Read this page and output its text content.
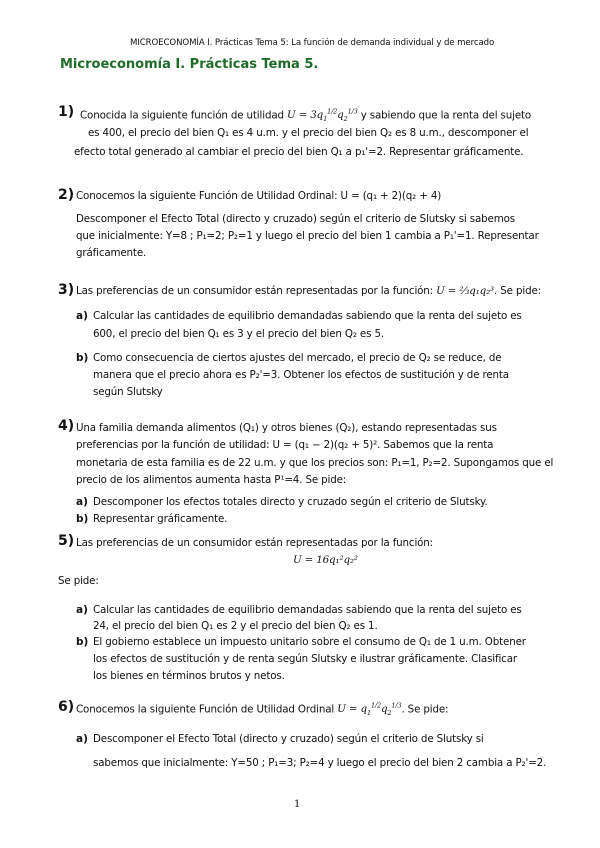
MICROECONOMÍA I. Prácticas Tema 5: La función de demanda individual y de mercado
Microeconomía I. Prácticas Tema 5.
1) Conocida la siguiente función de utilidad $U = 3q_1^{1/2}q_2^{1/3}$ y sabiendo que la renta del sujeto
es 400, el precio del bien Q₁ es 4 u.m. y el precio del bien Q₂ es 8 u.m., descomponer el
efecto total generado al cambiar el precio del bien Q₁ a p₁'=2. Representar gráficamente.
2) Conocemos la siguiente Función de Utilidad Ordinal: U = (q₁ + 2)(q₂ + 4)
Descomponer el Efecto Total (directo y cruzado) según el criterio de Slutsky si sabemos
que inicialmente: Y=8 ; P₁=2; P₂=1 y luego el precio del bien 1 cambia a P₁'=1. Representar
gráficamente.
3) Las preferencias de un consumidor están representadas por la función: U = ⅔q₁q₂³. Se pide:
a) Calcular las cantidades de equilibrio demandadas sabiendo que la renta del sujeto es
600, el precio del bien Q₁ es 3 y el precio del bien Q₂ es 5.
b) Como consecuencia de ciertos ajustes del mercado, el precio de Q₂ se reduce, de
manera que el precio ahora es P₂'=3. Obtener los efectos de sustitución y de renta
según Slutsky
4) Una familia demanda alimentos (Q₁) y otros bienes (Q₂), estando representadas sus
preferencias por la función de utilidad: U = (q₁ − 2)(q₂ + 5)². Sabemos que la renta
monetaria de esta familia es de 22 u.m. y que los precios son: P₁=1, P₂=2. Supongamos que el
precio de los alimentos aumenta hasta P¹=4. Se pide:
a) Descomponer los efectos totales directo y cruzado según el criterio de Slutsky.
b) Representar gráficamente.
5) Las preferencias de un consumidor están representadas por la función:
U = 16q₁²q₂²
Se pide:
a) Calcular las cantidades de equilibrio demandadas sabiendo que la renta del sujeto es
24, el precio del bien Q₁ es 2 y el precio del bien Q₂ es 1.
b) El gobierno establece un impuesto unitario sobre el consumo de Q₁ de 1 u.m. Obtener
los efectos de sustitución y de renta según Slutsky e ilustrar gráficamente. Clasificar
los bienes en términos brutos y netos.
6) Conocemos la siguiente Función de Utilidad Ordinal $U = q_1^{1/2}q_2^{1/3}$. Se pide:
a) Descomponer el Efecto Total (directo y cruzado) según el criterio de Slutsky si
sabemos que inicialmente: Y=50 ; P₁=3; P₂=4 y luego el precio del bien 2 cambia a P₂'=2.
1
